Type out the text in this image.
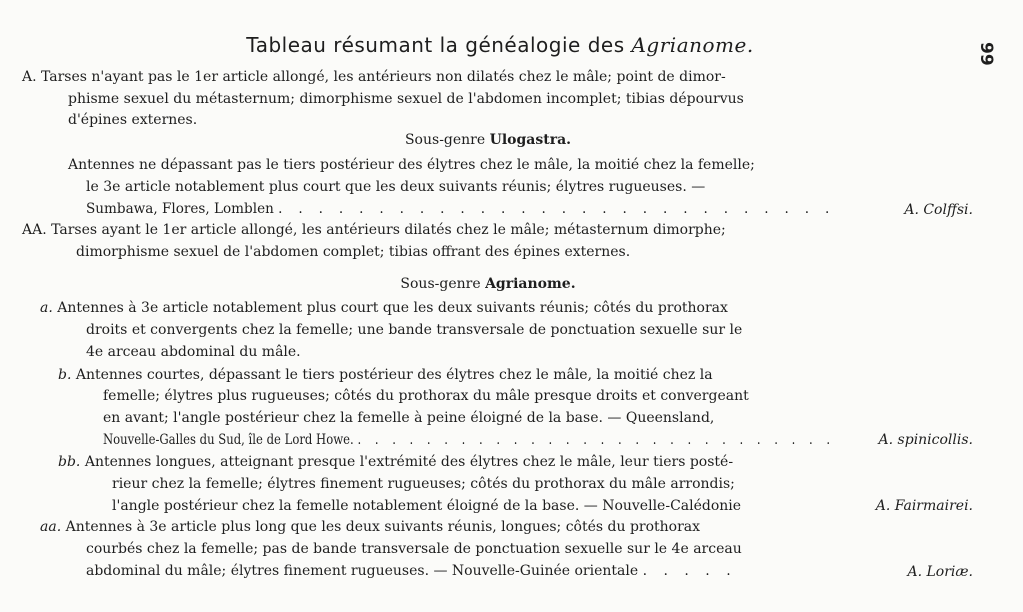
Tableau résumant la généalogie des Agrianome.	99
A. Tarses n'ayant pas le 1er article allongé, les antérieurs non dilatés chez le mâle; point de dimor-
phisme sexuel du métasternum; dimorphisme sexuel de l'abdomen incomplet; tibias dépourvus
d'épines externes.
Sous-genre Ulogastra.
Antennes ne dépassant pas le tiers postérieur des élytres chez le mâle, la moitié chez la femelle;
le 3e article notablement plus court que les deux suivants réunis; élytres rugueuses. —
Sumbawa, Flores, Lomblen . . . . . . . . . . . . . . . . . . . . . . . . . . . .	A. Colffsi.
AA. Tarses ayant le 1er article allongé, les antérieurs dilatés chez le mâle; métasternum dimorphe;
dimorphisme sexuel de l'abdomen complet; tibias offrant des épines externes.
Sous-genre Agrianome.
a. Antennes à 3e article notablement plus court que les deux suivants réunis; côtés du prothorax
droits et convergents chez la femelle; une bande transversale de ponctuation sexuelle sur le
4e arceau abdominal du mâle.
b. Antennes courtes, dépassant le tiers postérieur des élytres chez le mâle, la moitié chez la
femelle; élytres plus rugueuses; côtés du prothorax du mâle presque droits et convergeant
en avant; l'angle postérieur chez la femelle à peine éloigné de la base. — Queensland,
Nouvelle-Galles du Sud, île de Lord Howe. . . . . . . . . . . . . . . . . . . . . . . . . . . . .	A. spinicollis.
bb. Antennes longues, atteignant presque l'extrémité des élytres chez le mâle, leur tiers posté-
rieur chez la femelle; élytres finement rugueuses; côtés du prothorax du mâle arrondis;
l'angle postérieur chez la femelle notablement éloigné de la base. — Nouvelle-Calédonie	A. Fairmairei.
aa. Antennes à 3e article plus long que les deux suivants réunis, longues; côtés du prothorax
courbés chez la femelle; pas de bande transversale de ponctuation sexuelle sur le 4e arceau
abdominal du mâle; élytres finement rugueuses. — Nouvelle-Guinée orientale . . . . .	A. Loriæ.
